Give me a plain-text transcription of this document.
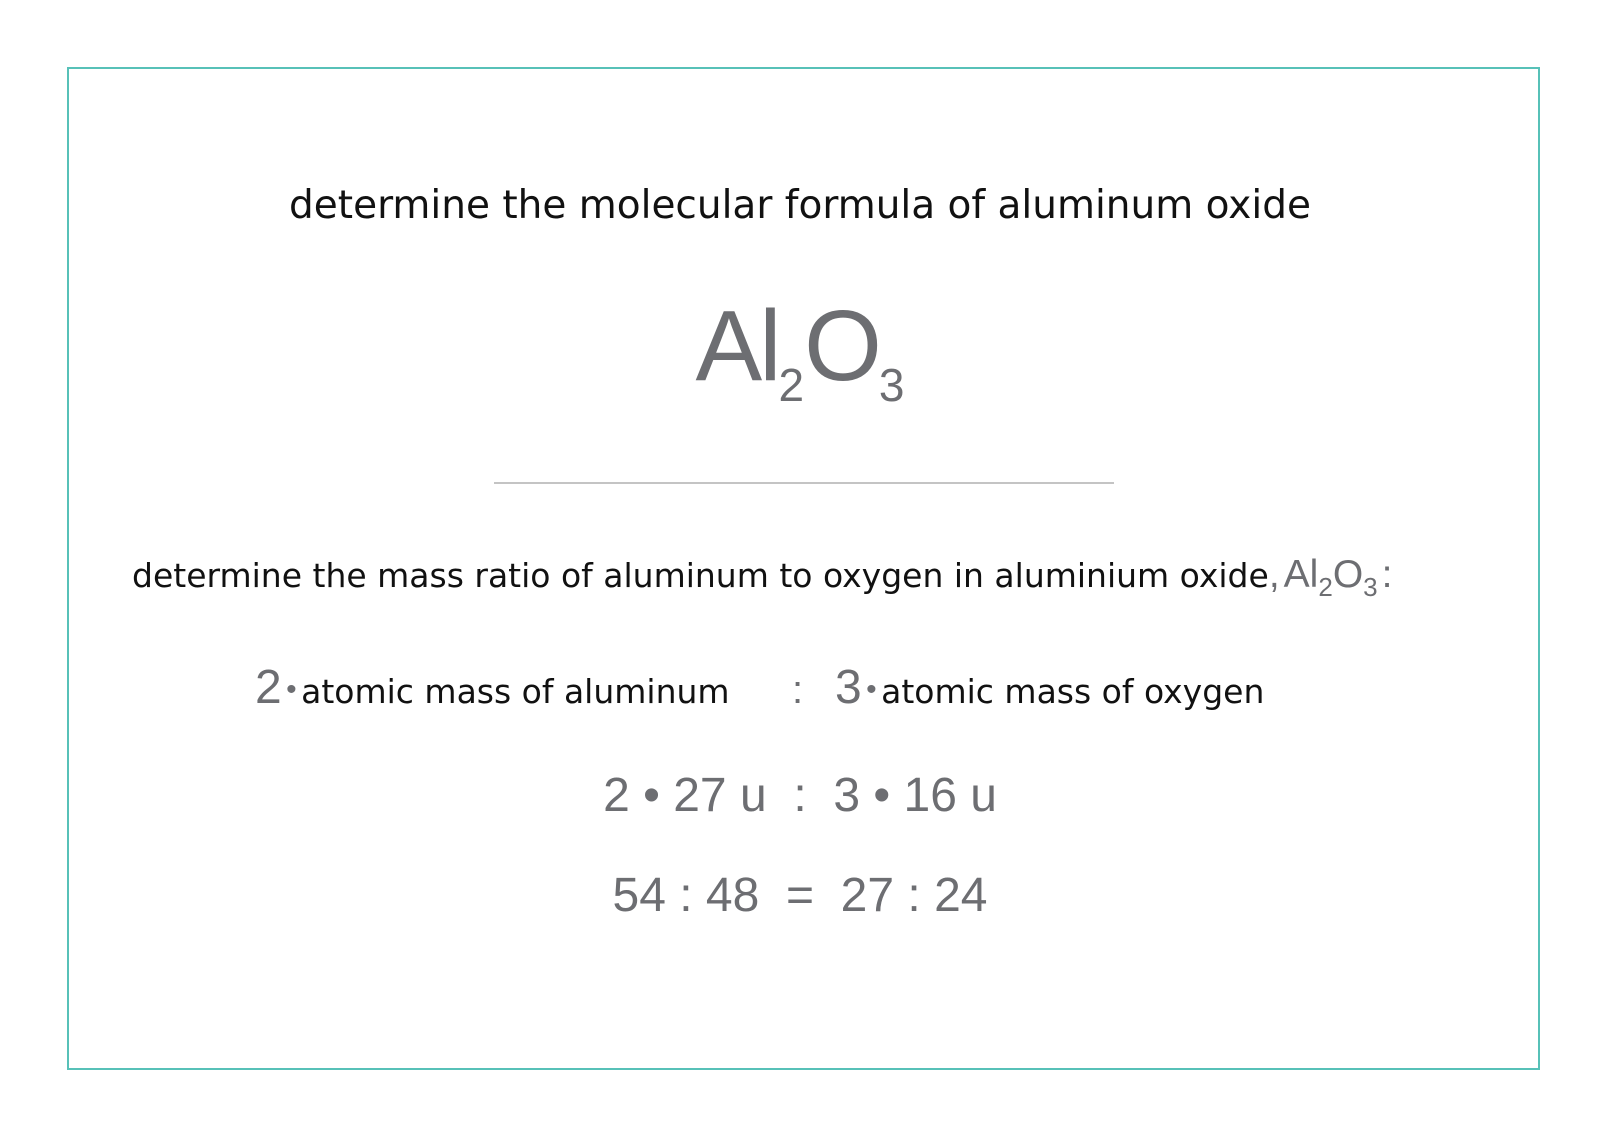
determine the molecular formula of aluminum oxide
$Al_2O_3$
determine the mass ratio of aluminum to oxygen in aluminium oxide, Al2O3 :
2 • atomic mass of aluminum : 3 • atomic mass of oxygen
2 • 27 u  :  3 • 16 u
54 : 48  =  27 : 24
